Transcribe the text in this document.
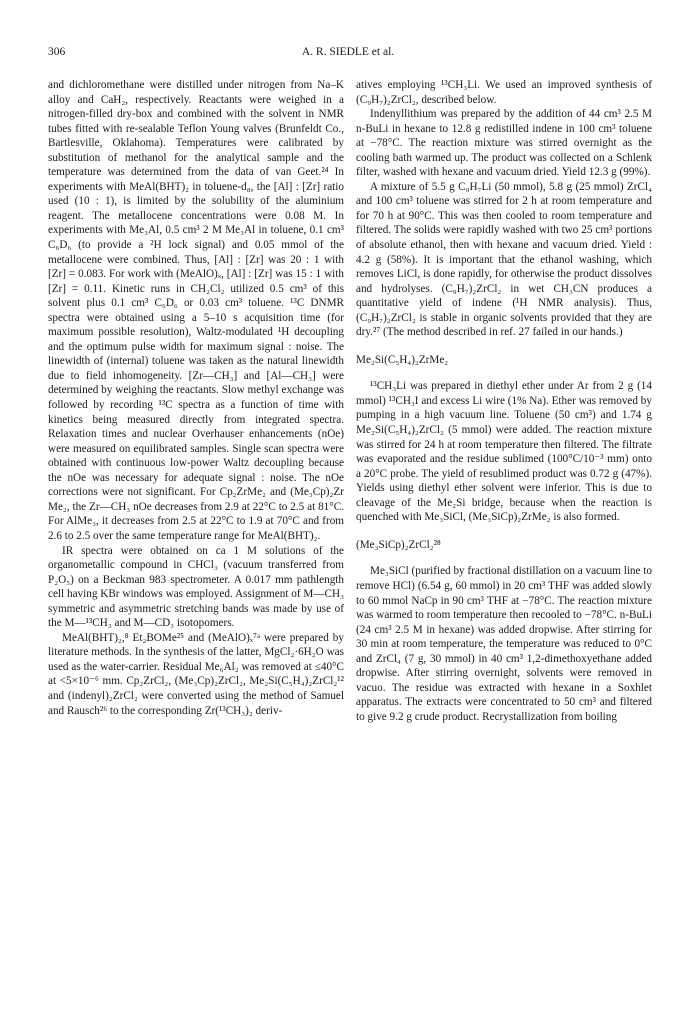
306	A. R. SIEDLE et al.

and dichloromethane were distilled under nitrogen from Na–K alloy and CaH₂, respectively. Reactants were weighed in a nitrogen-filled dry-box and combined with the solvent in NMR tubes fitted with re-sealable Teflon Young valves (Brunfeldt Co., Bartlesville, Oklahoma). Temperatures were calibrated by substitution of methanol for the analytical sample and the temperature was determined from the data of van Geet.²⁴ In experiments with MeAl(BHT)₂ in toluene-d₈, the [Al] : [Zr] ratio used (10 : 1), is limited by the solubility of the aluminium reagent. The metallocene concentrations were 0.08 M. In experiments with Me₃Al, 0.5 cm³ 2 M Me₃Al in toluene, 0.1 cm³ C₆D₆ (to provide a ²H lock signal) and 0.05 mmol of the metallocene were combined. Thus, [Al] : [Zr] was 20 : 1 with [Zr] = 0.083. For work with (MeAlO)ₓ, [Al] : [Zr] was 15 : 1 with [Zr] = 0.11. Kinetic runs in CH₂Cl₂ utilized 0.5 cm³ of this solvent plus 0.1 cm³ C₆D₆ or 0.03 cm³ toluene. ¹³C DNMR spectra were obtained using a 5–10 s acquisition time (for maximum possible resolution), Waltz-modulated ¹H decoupling and the optimum pulse width for maximum signal : noise. The linewidth of (internal) toluene was taken as the natural linewidth due to field inhomogeneity. [Zr—CH₃] and [Al—CH₃] were determined by weighing the reactants. Slow methyl exchange was followed by recording ¹³C spectra as a function of time with kinetics being measured directly from integrated spectra. Relaxation times and nuclear Overhauser enhancements (nOe) were measured on equilibrated samples. Single scan spectra were obtained with continuous low-power Waltz decoupling because the nOe was necessary for adequate signal : noise. The nOe corrections were not significant. For Cp₂ZrMe₂ and (Me₃Cp)₂Zr Me₂, the Zr—CH₃ nOe decreases from 2.9 at 22°C to 2.5 at 81°C. For AlMe₃, it decreases from 2.5 at 22°C to 1.9 at 70°C and from 2.6 to 2.5 over the same temperature range for MeAl(BHT)₂.

IR spectra were obtained on ca 1 M solutions of the organometallic compound in CHCl₃ (vacuum transferred from P₂O₅) on a Beckman 983 spectrometer. A 0.017 mm pathlength cell having KBr windows was employed. Assignment of M—CH₃ symmetric and asymmetric stretching bands was made by use of the M—¹³CH₃ and M—CD₃ isotopomers.

MeAl(BHT)₂,⁸ Et₂BOMe²⁵ and (MeAlO)ₓ⁷ᵃ were prepared by literature methods. In the synthesis of the latter, MgCl₂·6H₂O was used as the water-carrier. Residual Me₆Al₂ was removed at ≤40°C at <5×10⁻⁶ mm. Cp₂ZrCl₂, (Me₃Cp)₂ZrCl₂, Me₂Si(C₅H₄)₂ZrCl₂¹² and (indenyl)₂ZrCl₂ were converted using the method of Samuel and Rausch²⁶ to the corresponding Zr(¹³CH₃)₂ deriv-

atives employing ¹³CH₃Li. We used an improved synthesis of (C₉H₇)₂ZrCl₂, described below.

Indenyllithium was prepared by the addition of 44 cm³ 2.5 M n-BuLi in hexane to 12.8 g redistilled indene in 100 cm³ toluene at −78°C. The reaction mixture was stirred overnight as the cooling bath warmed up. The product was collected on a Schlenk filter, washed with hexane and vacuum dried. Yield 12.3 g (99%).

A mixture of 5.5 g C₉H₇Li (50 mmol), 5.8 g (25 mmol) ZrCl₄ and 100 cm³ toluene was stirred for 2 h at room temperature and for 70 h at 90°C. This was then cooled to room temperature and filtered. The solids were rapidly washed with two 25 cm³ portions of absolute ethanol, then with hexane and vacuum dried. Yield : 4.2 g (58%). It is important that the ethanol washing, which removes LiCl, is done rapidly, for otherwise the product dissolves and hydrolyses. (C₉H₇)₂ZrCl₂ in wet CH₃CN produces a quantitative yield of indene (¹H NMR analysis). Thus, (C₉H₇)₂ZrCl₂ is stable in organic solvents provided that they are dry.²⁷ (The method described in ref. 27 failed in our hands.)

Me₂Si(C₅H₄)₂ZrMe₂

¹³CH₃Li was prepared in diethyl ether under Ar from 2 g (14 mmol) ¹³CH₃I and excess Li wire (1% Na). Ether was removed by pumping in a high vacuum line. Toluene (50 cm³) and 1.74 g Me₂Si(C₅H₄)₂ZrCl₂ (5 mmol) were added. The reaction mixture was stirred for 24 h at room temperature then filtered. The filtrate was evaporated and the residue sublimed (100°C/10⁻³ mm) onto a 20°C probe. The yield of resublimed product was 0.72 g (47%). Yields using diethyl ether solvent were inferior. This is due to cleavage of the Me₂Si bridge, because when the reaction is quenched with Me₃SiCl, (Me₃SiCp)₂ZrMe₂ is also formed.

(Me₃SiCp)₂ZrCl₂²⁸

Me₃SiCl (purified by fractional distillation on a vacuum line to remove HCl) (6.54 g, 60 mmol) in 20 cm³ THF was added slowly to 60 mmol NaCp in 90 cm³ THF at −78°C. The reaction mixture was warmed to room temperature then recooled to −78°C. n-BuLi (24 cm³ 2.5 M in hexane) was added dropwise. After stirring for 30 min at room temperature, the temperature was reduced to 0°C and ZrCl₄ (7 g, 30 mmol) in 40 cm³ 1,2-dimethoxyethane added dropwise. After stirring overnight, solvents were removed in vacuo. The residue was extracted with hexane in a Soxhlet apparatus. The extracts were concentrated to 50 cm³ and filtered to give 9.2 g crude product. Recrystallization from boiling
